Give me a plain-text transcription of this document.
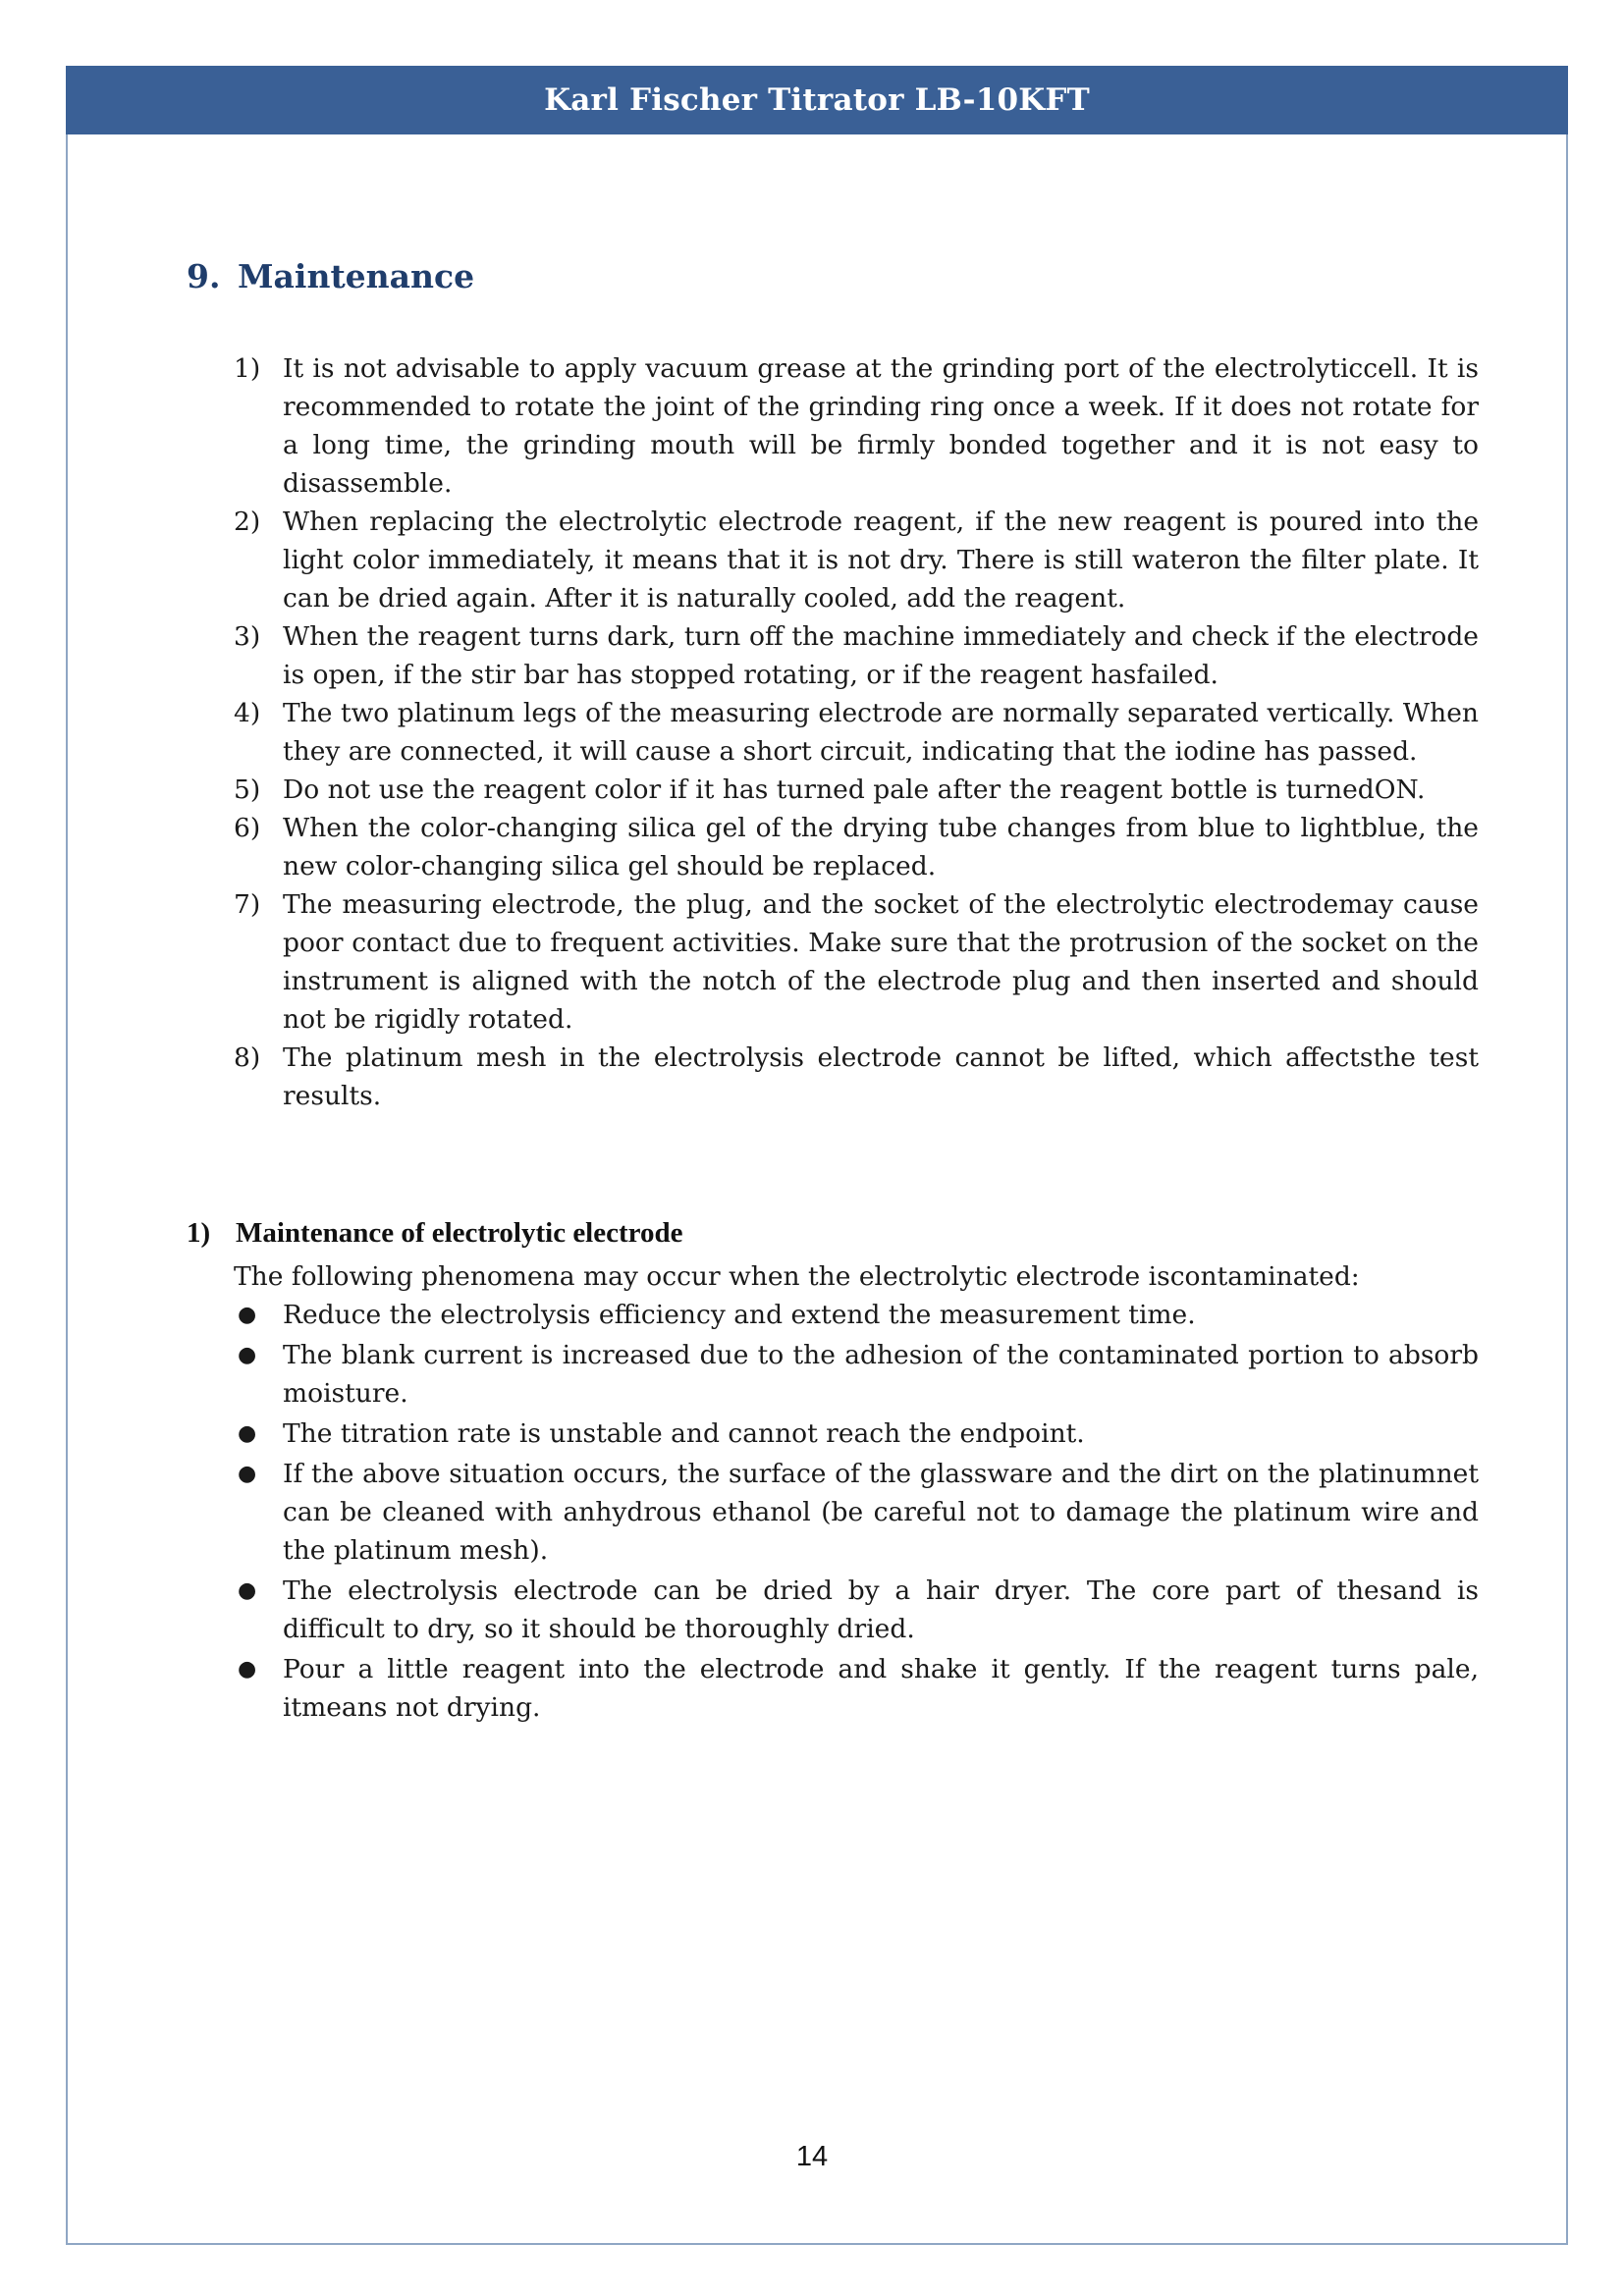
Karl Fischer Titrator LB-10KFT
9. Maintenance
1) It is not advisable to apply vacuum grease at the grinding port of the electrolyticcell. It is recommended to rotate the joint of the grinding ring once a week. If it does not rotate for a long time, the grinding mouth will be firmly bonded together and it is not easy to disassemble.
2) When replacing the electrolytic electrode reagent, if the new reagent is poured into the light color immediately, it means that it is not dry. There is still wateron the filter plate. It can be dried again. After it is naturally cooled, add the reagent.
3) When the reagent turns dark, turn off the machine immediately and check if the electrode is open, if the stir bar has stopped rotating, or if the reagent hasfailed.
4) The two platinum legs of the measuring electrode are normally separated vertically. When they are connected, it will cause a short circuit, indicating that the iodine has passed.
5) Do not use the reagent color if it has turned pale after the reagent bottle is turnedON.
6) When the color-changing silica gel of the drying tube changes from blue to lightblue, the new color-changing silica gel should be replaced.
7) The measuring electrode, the plug, and the socket of the electrolytic electrodemay cause poor contact due to frequent activities. Make sure that the protrusion of the socket on the instrument is aligned with the notch of the electrode plug and then inserted and should not be rigidly rotated.
8) The platinum mesh in the electrolysis electrode cannot be lifted, which affectsthe test results.
1) Maintenance of electrolytic electrode

The following phenomena may occur when the electrolytic electrode iscontaminated:

● Reduce the electrolysis efficiency and extend the measurement time.
● The blank current is increased due to the adhesion of the contaminated portion to absorb moisture.
● The titration rate is unstable and cannot reach the endpoint.
● If the above situation occurs, the surface of the glassware and the dirt on the platinumnet can be cleaned with anhydrous ethanol (be careful not to damage the platinum wire and the platinum mesh).
● The electrolysis electrode can be dried by a hair dryer. The core part of thesand is difficult to dry, so it should be thoroughly dried.
● Pour a little reagent into the electrode and shake it gently. If the reagent turns pale, itmeans not drying.
14
